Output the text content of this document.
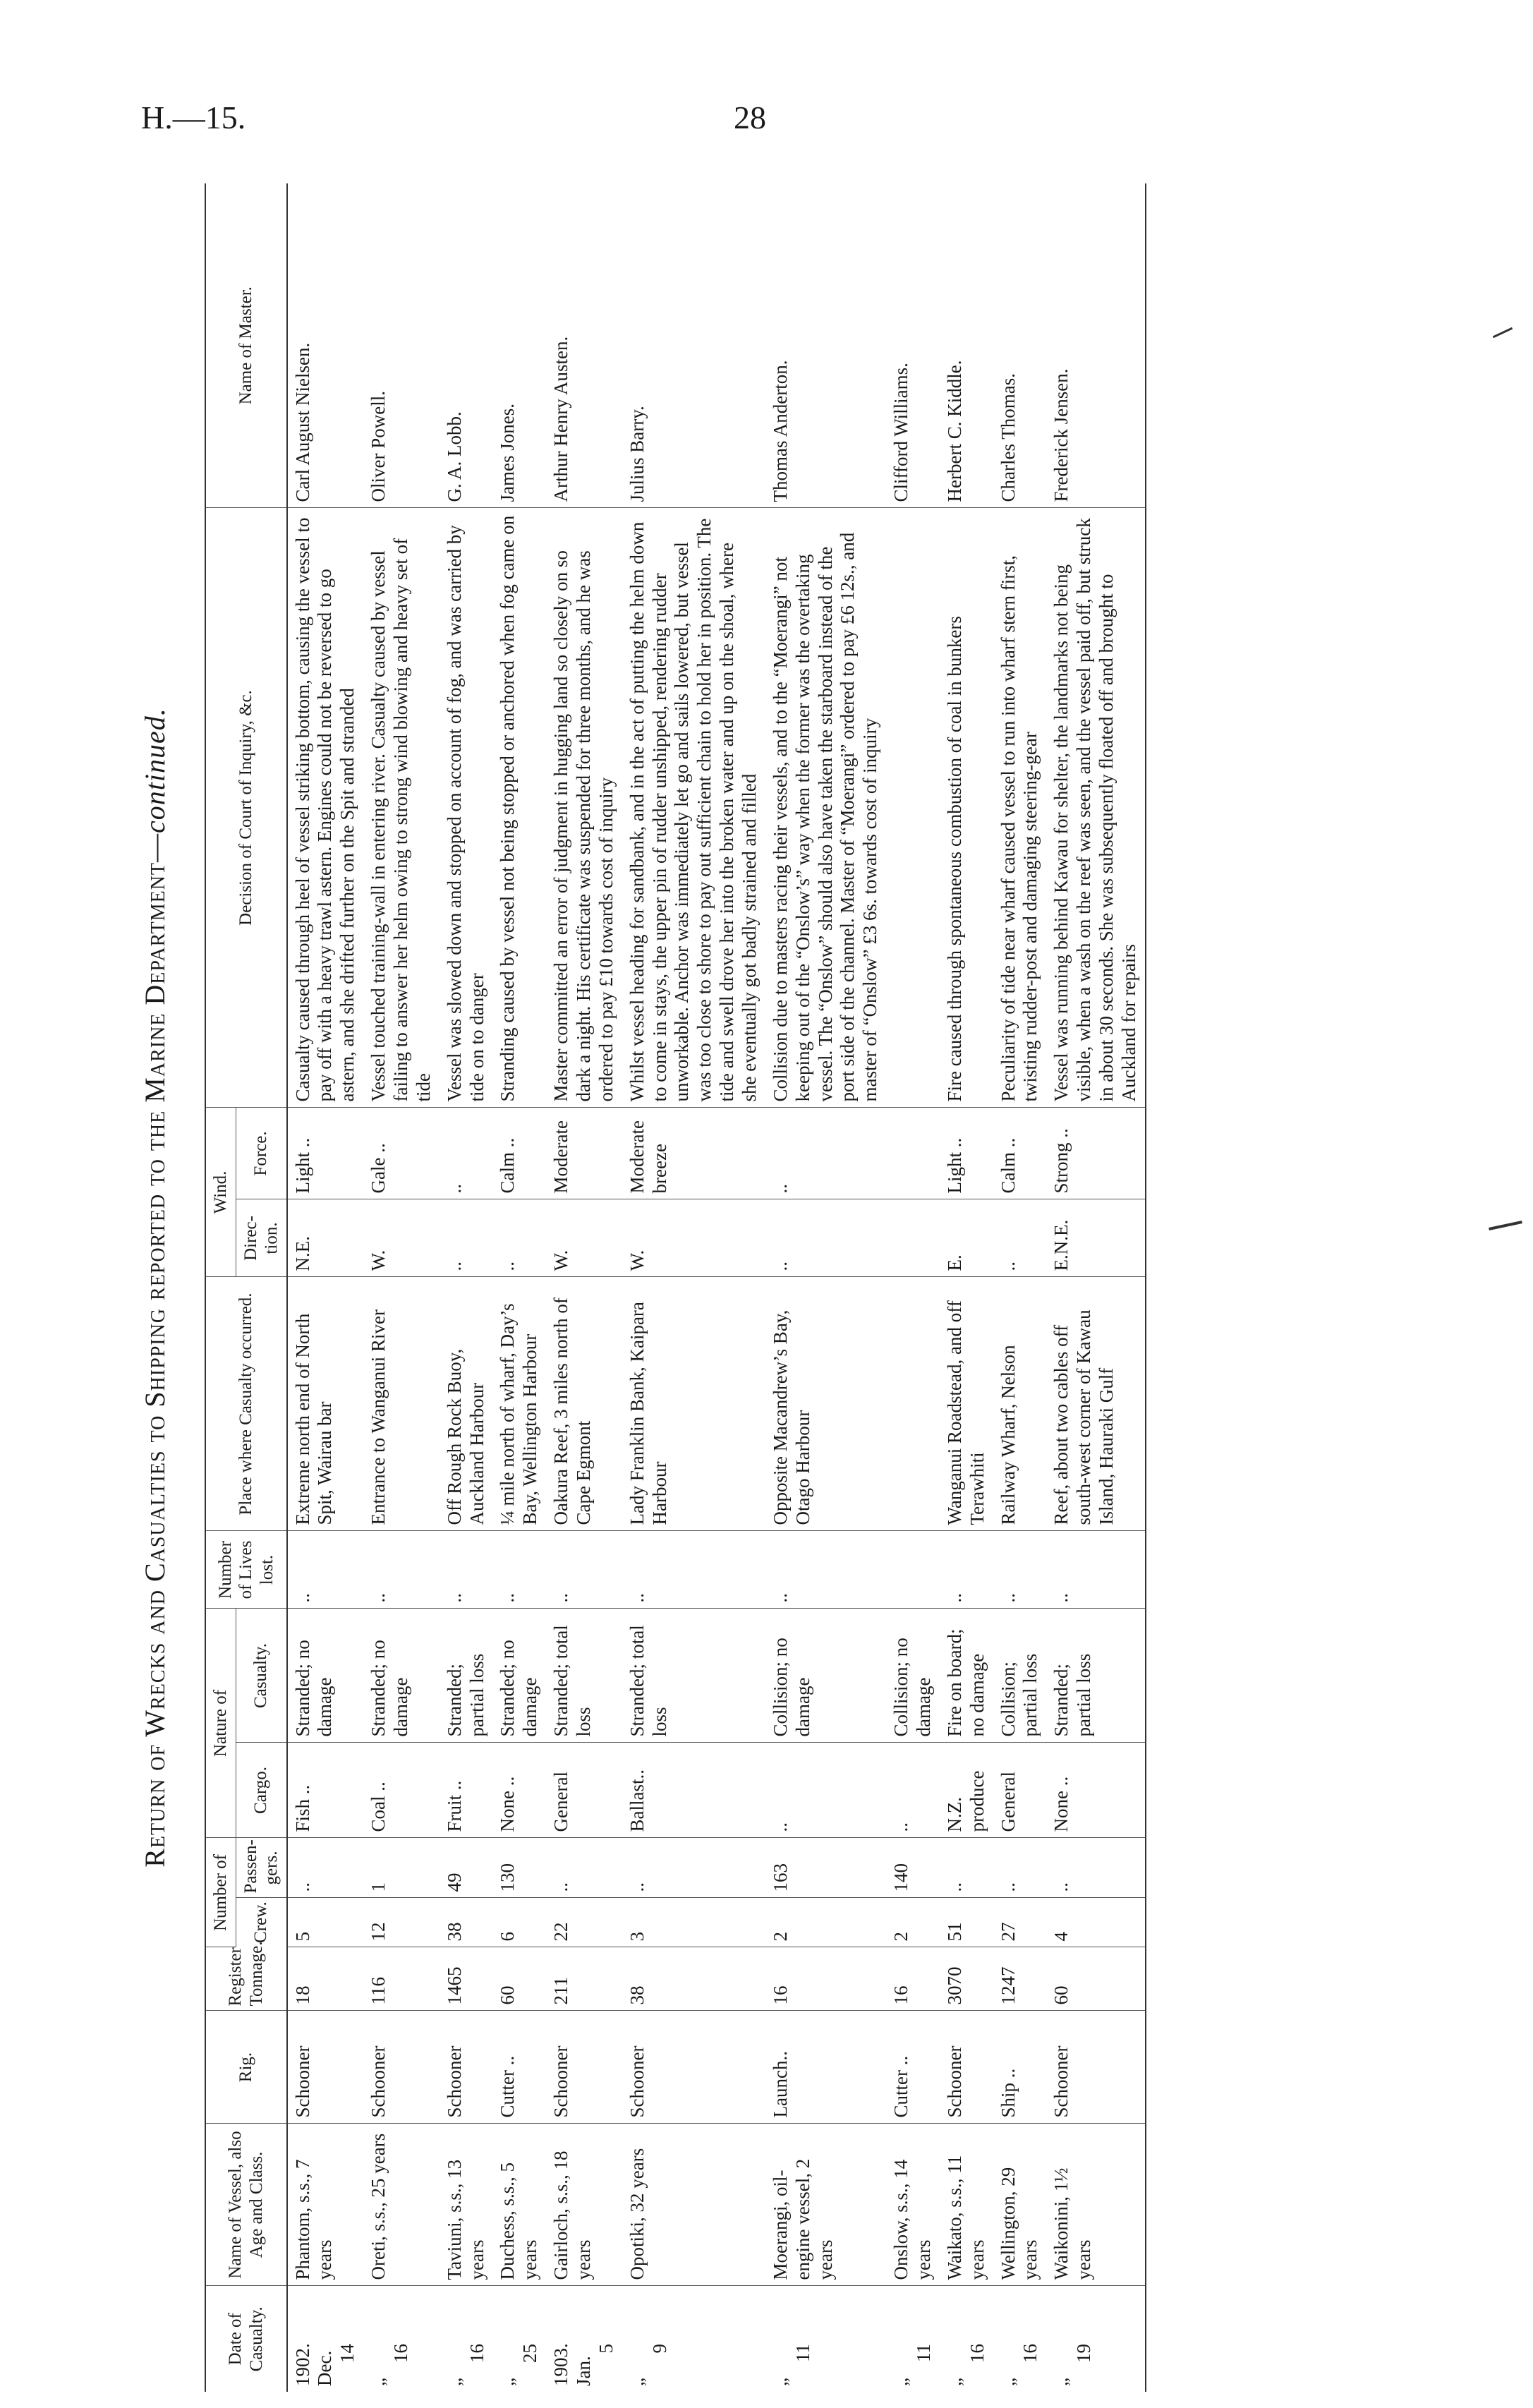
H.—15.	28
Return of Wrecks and Casualties to Shipping reported to the Marine Department—continued.
Date of Casualty.	Name of Vessel, also Age and Class.	Rig.	Register Tonnage.	Number of		Nature of		Number of Lives lost.	Place where Casualty occurred.	Wind.		Decision of Court of Inquiry, &c.	Name of Master.
				Crew.	Passen-gers.	Cargo.	Casualty.			Direc-tion.	Force.		
1902.
Dec.14	Phantom, s.s., 7 years	Schooner	18	5	..	Fish ..	Stranded; no damage	..	Extreme north end of North Spit, Wairau bar	N.E.	Light ..	Casualty caused through heel of vessel striking bottom, causing the vessel to pay off with a heavy trawl astern. Engines could not be reversed to go astern, and she drifted further on the Spit and stranded	Carl August Nielsen.
„16	Oreti, s.s., 25 years	Schooner	116	12	1	Coal ..	Stranded; no damage	..	Entrance to Wanganui River	W.	Gale ..	Vessel touched training-wall in entering river. Casualty caused by vessel failing to answer her helm owing to strong wind blowing and heavy set of tide	Oliver Powell.
„16	Taviuni, s.s., 13 years	Schooner	1465	38	49	Fruit ..	Stranded; partial loss	..	Off Rough Rock Buoy, Auckland Harbour	..	..	Vessel was slowed down and stopped on account of fog, and was carried by tide on to danger	G. A. Lobb.
„25	Duchess, s.s., 5 years	Cutter ..	60	6	130	None ..	Stranded; no damage	..	¼ mile north of wharf, Day’s Bay, Wellington Harbour	..	Calm ..	Stranding caused by vessel not being stopped or anchored when fog came on	James Jones.
1903.
Jan.5	Gairloch, s.s., 18 years	Schooner	211	22	..	General	Stranded; total loss	..	Oakura Reef, 3 miles north of Cape Egmont	W.	Moderate	Master committed an error of judgment in hugging land so closely on so dark a night. His certificate was suspended for three months, and he was ordered to pay £10 towards cost of inquiry	Arthur Henry Austen.
„9	Opotiki, 32 years	Schooner	38	3	..	Ballast..	Stranded; total loss	..	Lady Franklin Bank, Kaipara Harbour	W.	Moderate breeze	Whilst vessel heading for sandbank, and in the act of putting the helm down to come in stays, the upper pin of rudder unshipped, rendering rudder unworkable. Anchor was immediately let go and sails lowered, but vessel was too close to shore to pay out sufficient chain to hold her in position. The tide and swell drove her into the broken water and up on the shoal, where she eventually got badly strained and filled	Julius Barry.
„11	Moerangi, oil-engine vessel, 2 years	Launch..	16	2	163	..	Collision; no damage	..	Opposite Macandrew’s Bay, Otago Harbour	..	..	Collision due to masters racing their vessels, and to the “Moerangi” not keeping out of the “Onslow’s” way when the former was the overtaking vessel. The “Onslow” should also have taken the starboard instead of the port side of the channel. Master of “Moerangi” ordered to pay £6 12s., and master of “Onslow” £3 6s. towards cost of inquiry	Thomas Anderton.
„11	Onslow, s.s., 14 years	Cutter ..	16	2	140	..	Collision; no damage						Clifford Williams.
„16	Waikato, s.s., 11 years	Schooner	3070	51	..	N.Z. produce	Fire on board; no damage	..	Wanganui Roadstead, and off Terawhiti	E.	Light ..	Fire caused through spontaneous combustion of coal in bunkers	Herbert C. Kiddle.
„16	Wellington, 29 years	Ship ..	1247	27	..	General	Collision; partial loss	..	Railway Wharf, Nelson	..	Calm ..	Peculiarity of tide near wharf caused vessel to run into wharf stern first, twisting rudder-post and damaging steering-gear	Charles Thomas.
„19	Waikonini, 1½ years	Schooner	60	4	..	None ..	Stranded; partial loss	..	Reef, about two cables off south-west corner of Kawau Island, Hauraki Gulf	E.N.E.	Strong ..	Vessel was running behind Kawau for shelter, the landmarks not being visible, when a wash on the reef was seen, and the vessel paid off, but struck in about 30 seconds. She was subsequently floated off and brought to Auckland for repairs	Frederick Jensen.
